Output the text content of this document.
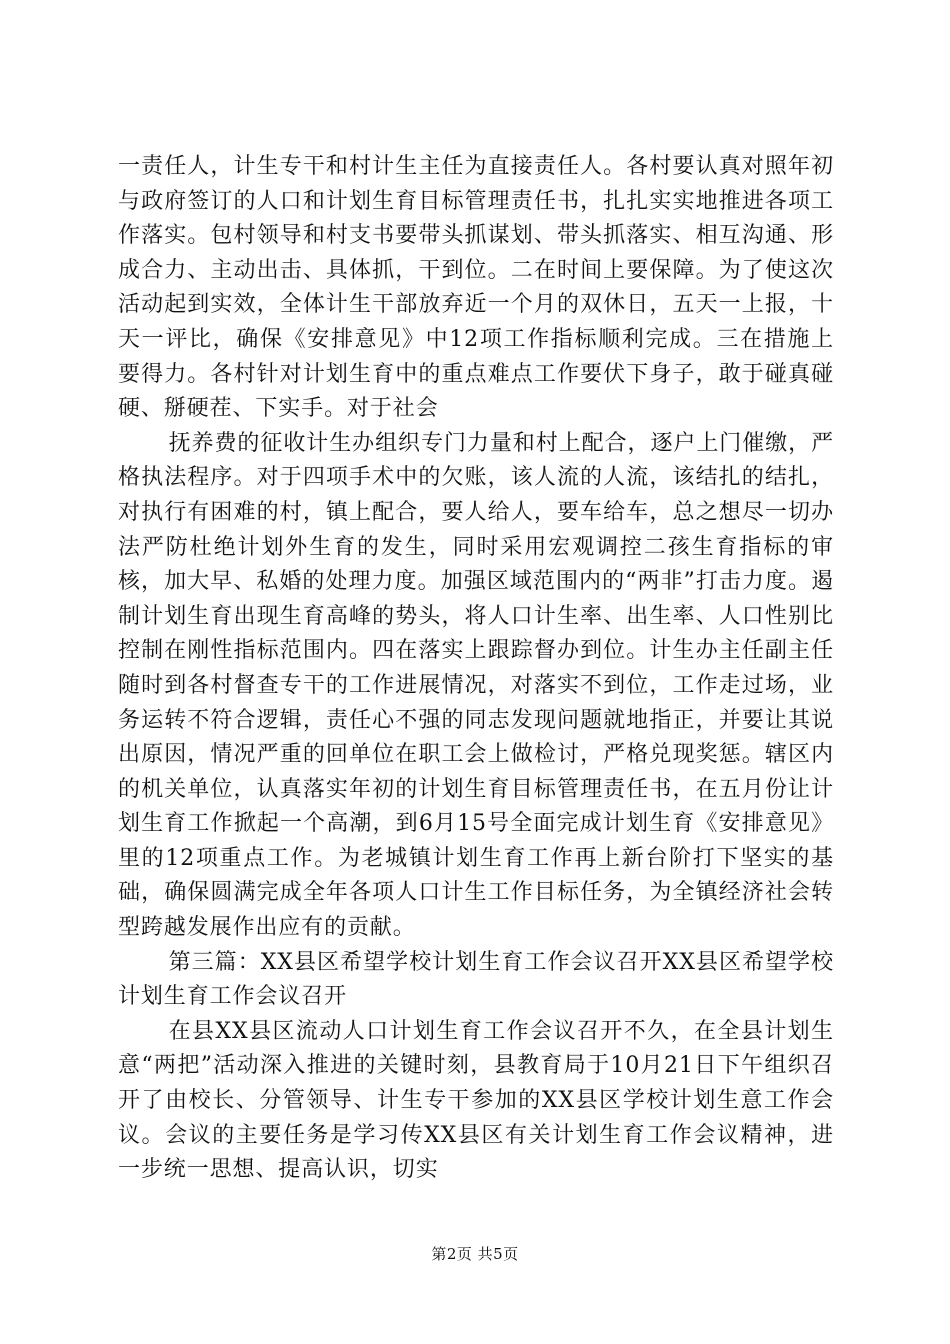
一责任人，计生专干和村计生主任为直接责任人。各村要认真对照年初与政府签订的人口和计划生育目标管理责任书，扎扎实实地推进各项工作落实。包村领导和村支书要带头抓谋划、带头抓落实、相互沟通、形成合力、主动出击、具体抓，干到位。二在时间上要保障。为了使这次活动起到实效，全体计生干部放弃近一个月的双休日，五天一上报，十天一评比，确保《安排意见》中12项工作指标顺利完成。三在措施上要得力。各村针对计划生育中的重点难点工作要伏下身子，敢于碰真碰硬、掰硬茬、下实手。对于社会

抚养费的征收计生办组织专门力量和村上配合，逐户上门催缴，严格执法程序。对于四项手术中的欠账，该人流的人流，该结扎的结扎，对执行有困难的村，镇上配合，要人给人，要车给车，总之想尽一切办法严防杜绝计划外生育的发生，同时采用宏观调控二孩生育指标的审核，加大早、私婚的处理力度。加强区域范围内的“两非”打击力度。遏制计划生育出现生育高峰的势头，将人口计生率、出生率、人口性别比控制在刚性指标范围内。四在落实上跟踪督办到位。计生办主任副主任随时到各村督查专干的工作进展情况，对落实不到位，工作走过场，业务运转不符合逻辑，责任心不强的同志发现问题就地指正，并要让其说出原因，情况严重的回单位在职工会上做检讨，严格兑现奖惩。辖区内的机关单位，认真落实年初的计划生育目标管理责任书，在五月份让计划生育工作掀起一个高潮，到6月15号全面完成计划生育《安排意见》里的12项重点工作。为老城镇计划生育工作再上新台阶打下坚实的基础，确保圆满完成全年各项人口计生工作目标任务，为全镇经济社会转型跨越发展作出应有的贡献。

第三篇：XX县区希望学校计划生育工作会议召开XX县区希望学校计划生育工作会议召开

在县XX县区流动人口计划生育工作会议召开不久，在全县计划生意“两把”活动深入推进的关键时刻，县教育局于10月21日下午组织召开了由校长、分管领导、计生专干参加的XX县区学校计划生意工作会议。会议的主要任务是学习传XX县区有关计划生育工作会议精神，进一步统一思想、提高认识，切实

第2页 共5页
